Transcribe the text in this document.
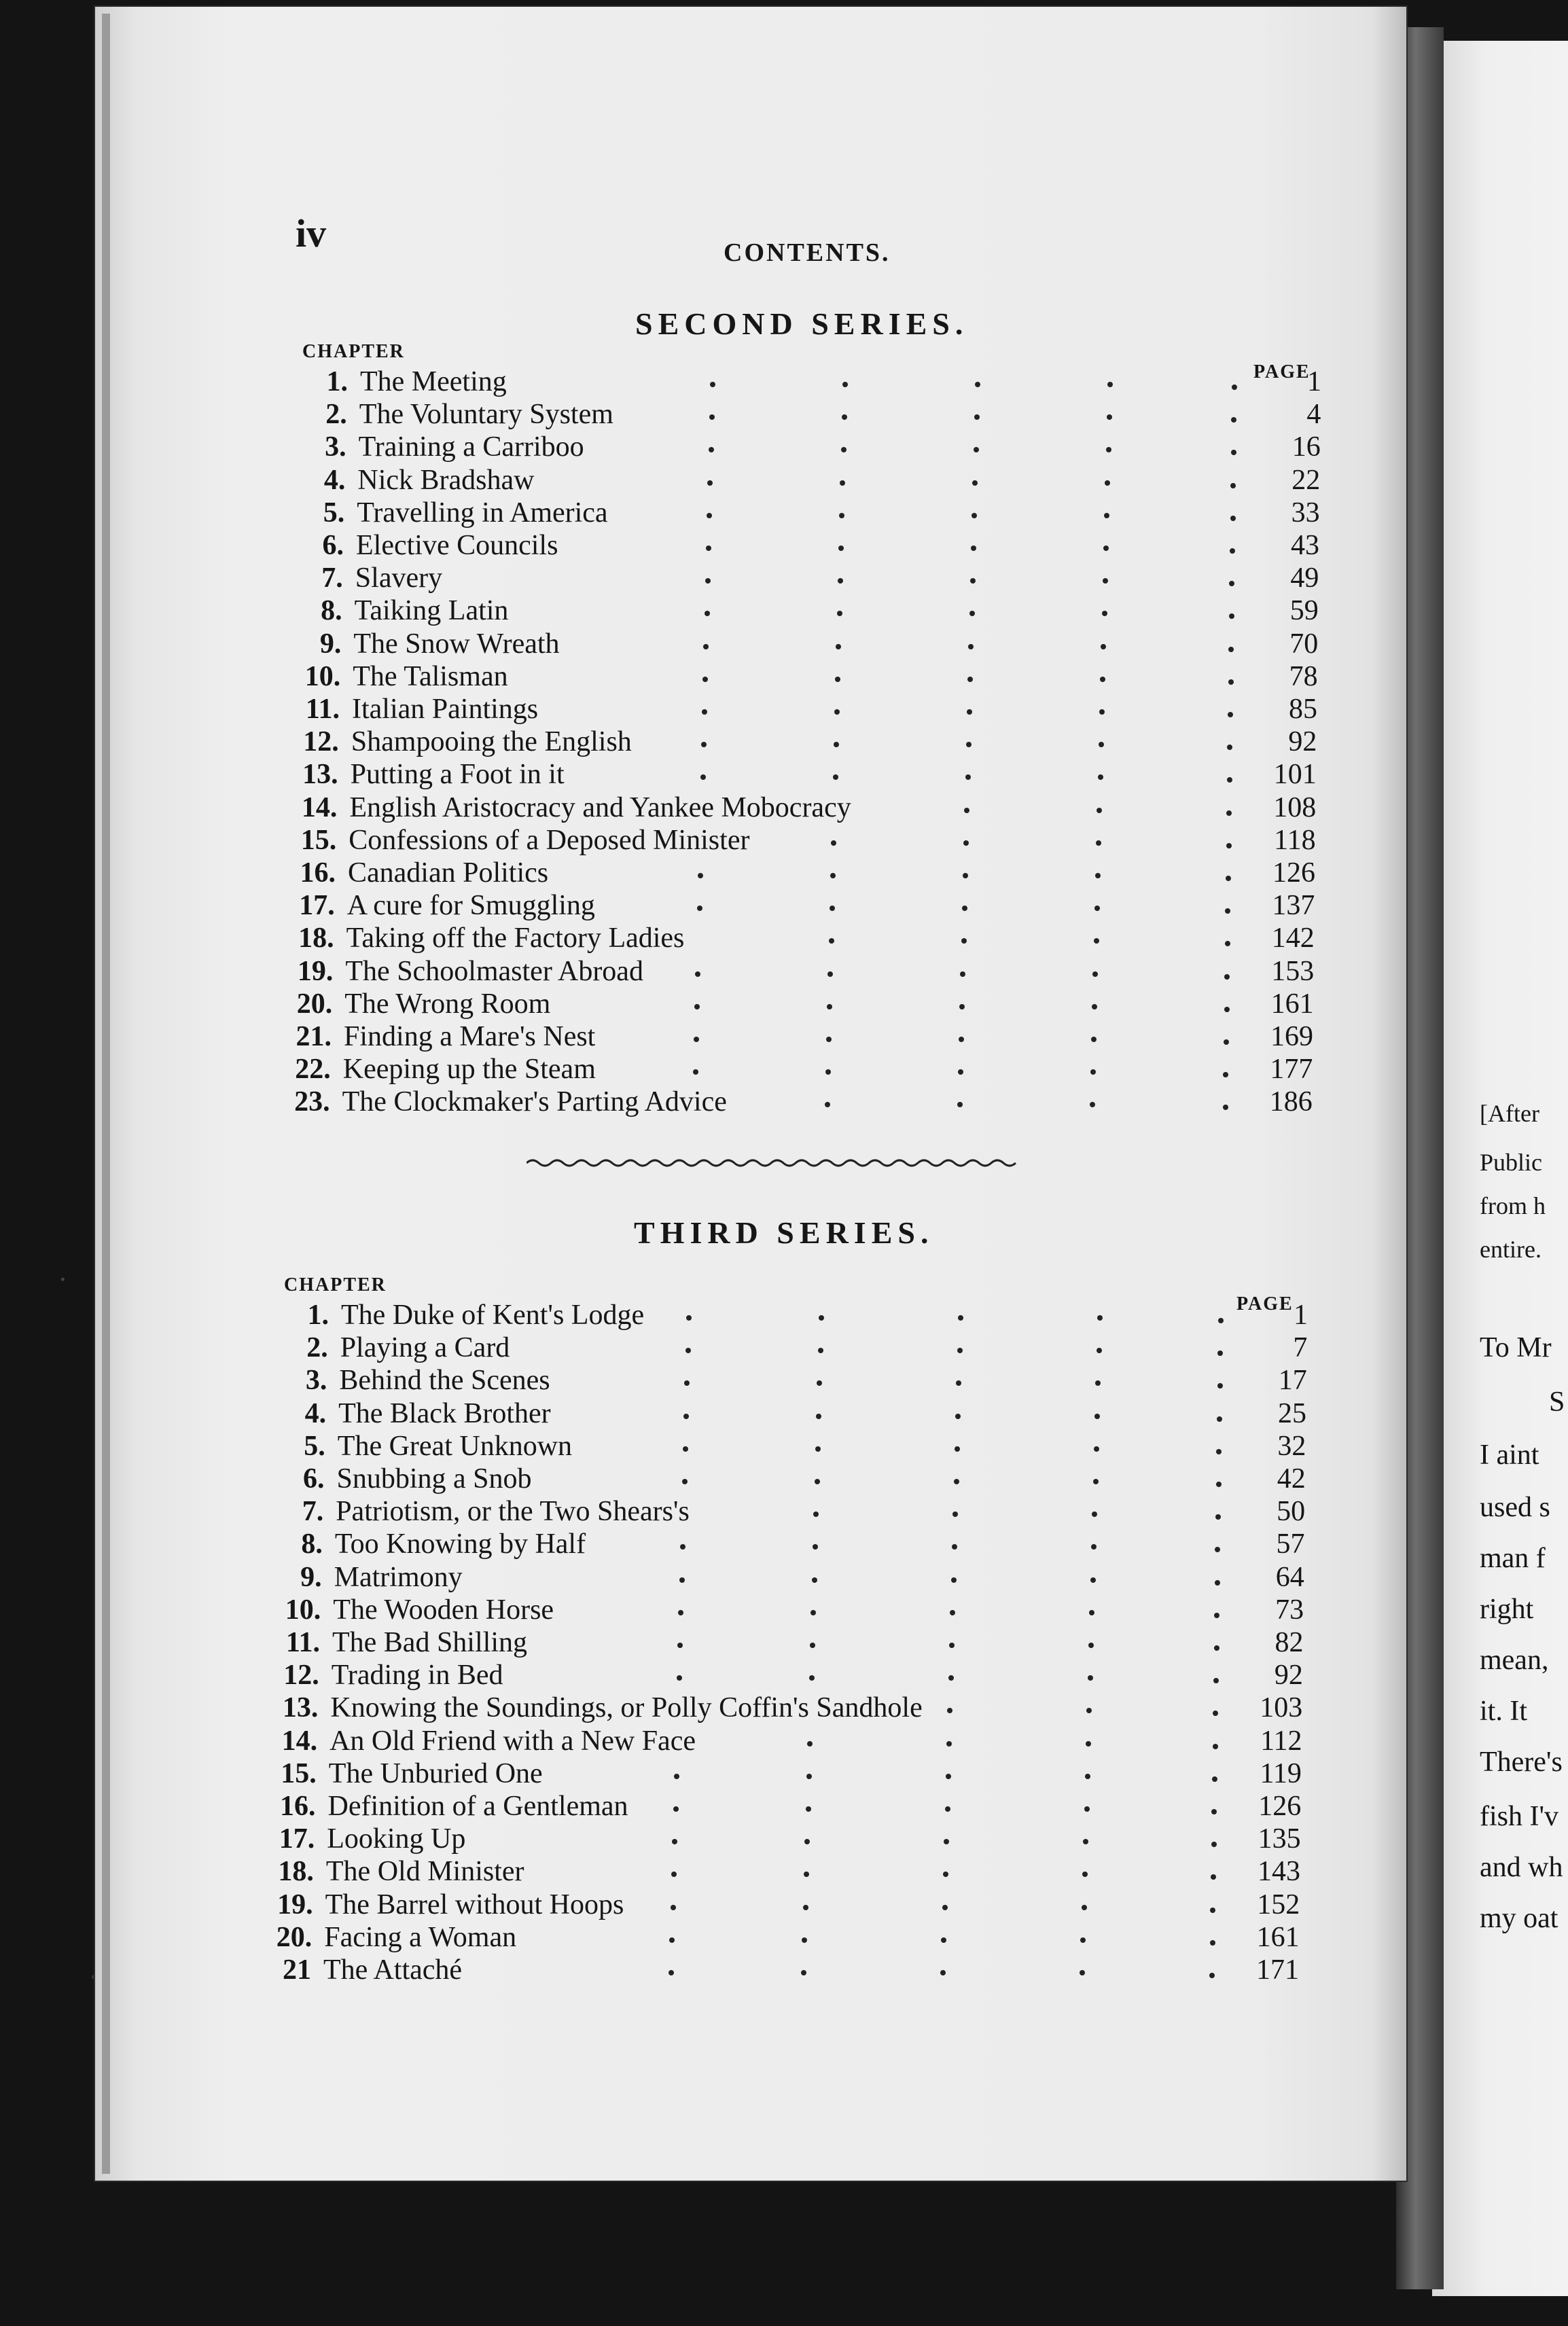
iv	CONTENTS.
SECOND SERIES.
CHAPTER
PAGE
1. The Meeting	1
2. The Voluntary System	4
3. Training a Carriboo	16
4. Nick Bradshaw	22
5. Travelling in America	33
6. Elective Councils	43
7. Slavery	49
8. Taiking Latin	59
9. The Snow Wreath	70
10. The Talisman	78
11. Italian Paintings	85
12. Shampooing the English	92
13. Putting a Foot in it	101
14. English Aristocracy and Yankee Mobocracy	108
15. Confessions of a Deposed Minister	118
16. Canadian Politics	126
17. A cure for Smuggling	137
18. Taking off the Factory Ladies	142
19. The Schoolmaster Abroad	153
20. The Wrong Room	161
21. Finding a Mare's Nest	169
22. Keeping up the Steam	177
23. The Clockmaker's Parting Advice	186
THIRD SERIES.
CHAPTER
PAGE
1. The Duke of Kent's Lodge	1
2. Playing a Card	7
3. Behind the Scenes	17
4. The Black Brother	25
5. The Great Unknown	32
6. Snubbing a Snob	42
7. Patriotism, or the Two Shears's	50
8. Too Knowing by Half	57
9. Matrimony	64
10. The Wooden Horse	73
11. The Bad Shilling	82
12. Trading in Bed	92
13. Knowing the Soundings, or Polly Coffin's Sandhole	103
14. An Old Friend with a New Face	112
15. The Unburied One	119
16. Definition of a Gentleman	126
17. Looking Up	135
18. The Old Minister	143
19. The Barrel without Hoops	152
20. Facing a Woman	161
21 The Attaché	171
[After
Public
from h
entire.
To Mr
S
I aint
used s
man f
right
mean,
it. It
There's
fish I'v
and wh
my oat
